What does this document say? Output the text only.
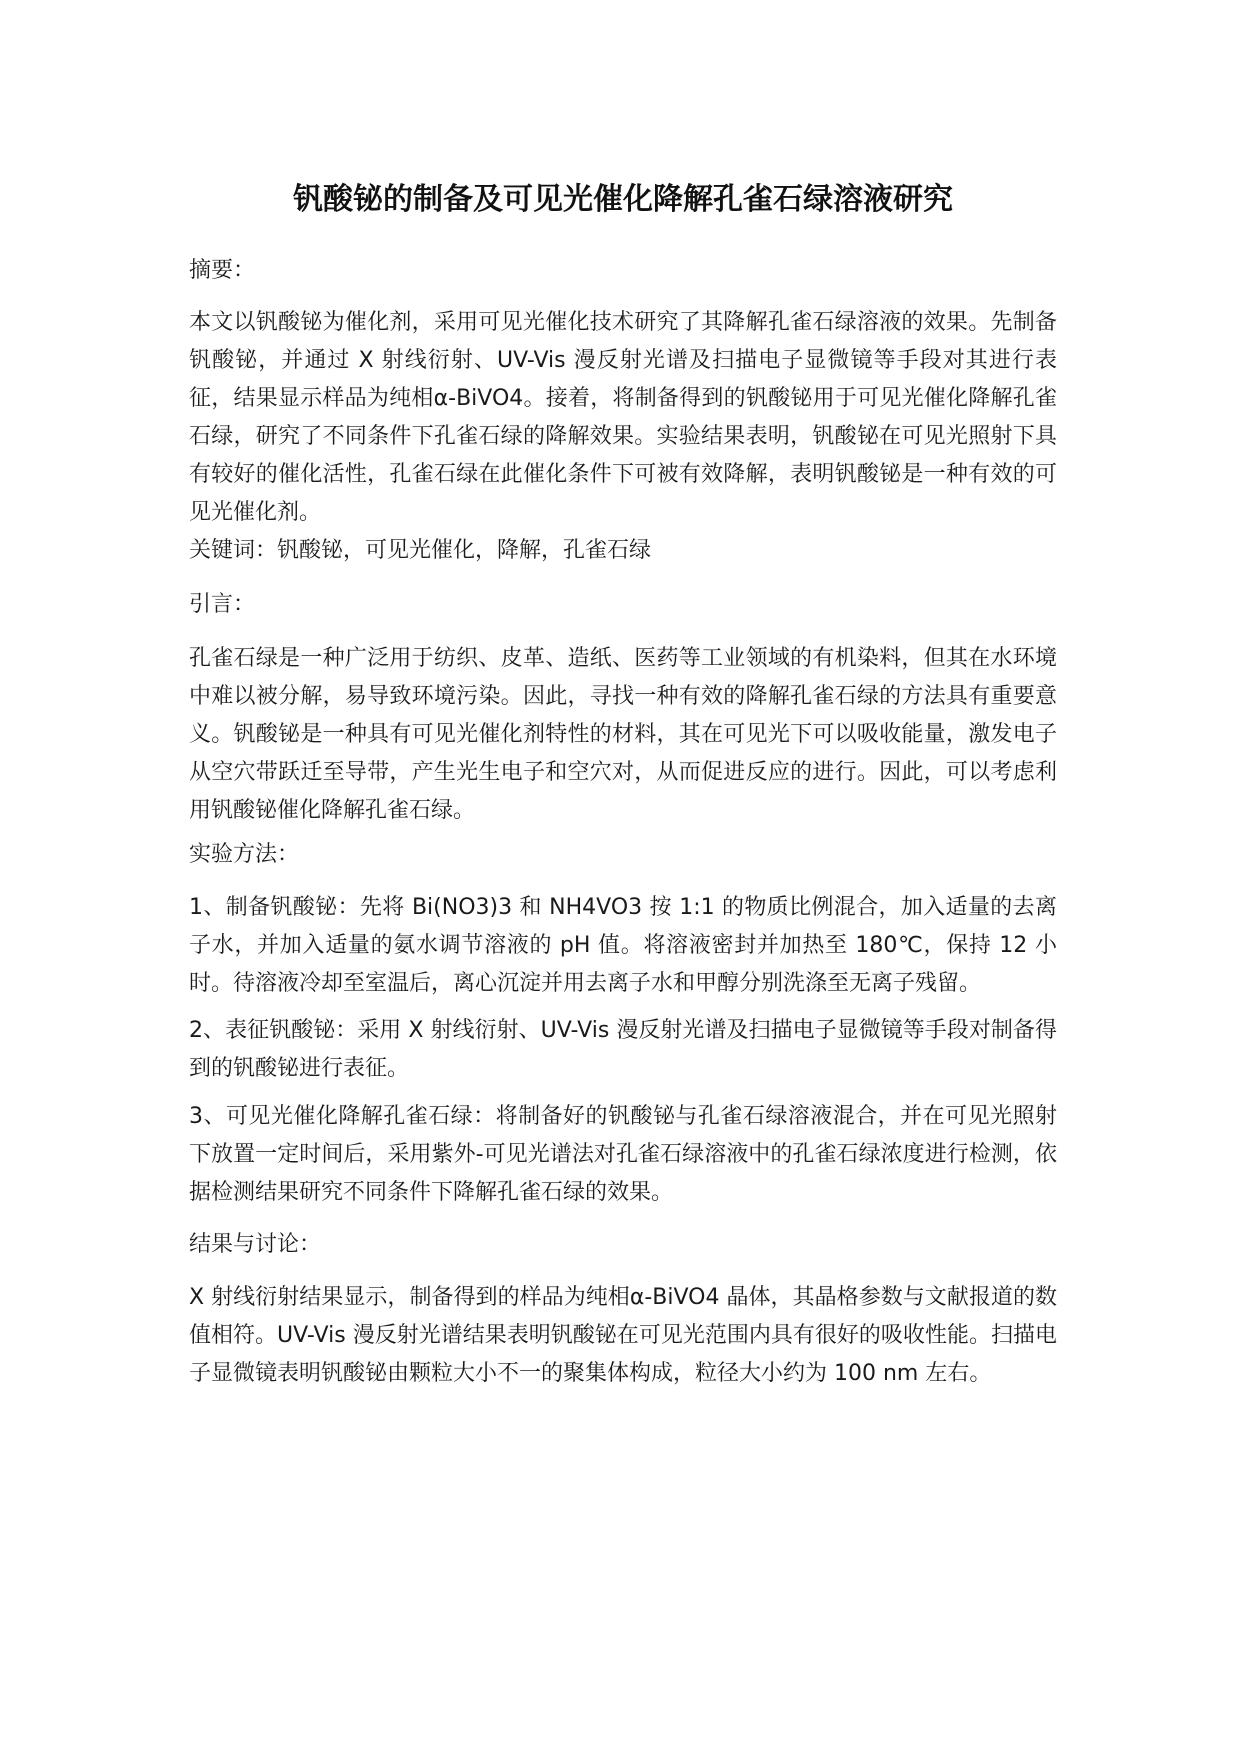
钒酸铋的制备及可见光催化降解孔雀石绿溶液研究

摘要：

本文以钒酸铋为催化剂，采用可见光催化技术研究了其降解孔雀石绿溶液的效果。先制备钒酸铋，并通过 X 射线衍射、UV-Vis 漫反射光谱及扫描电子显微镜等手段对其进行表征，结果显示样品为纯相α-BiVO4。接着，将制备得到的钒酸铋用于可见光催化降解孔雀石绿，研究了不同条件下孔雀石绿的降解效果。实验结果表明，钒酸铋在可见光照射下具有较好的催化活性，孔雀石绿在此催化条件下可被有效降解，表明钒酸铋是一种有效的可见光催化剂。

关键词：钒酸铋，可见光催化，降解，孔雀石绿

引言：

孔雀石绿是一种广泛用于纺织、皮革、造纸、医药等工业领域的有机染料，但其在水环境中难以被分解，易导致环境污染。因此，寻找一种有效的降解孔雀石绿的方法具有重要意义。钒酸铋是一种具有可见光催化剂特性的材料，其在可见光下可以吸收能量，激发电子从空穴带跃迁至导带，产生光生电子和空穴对，从而促进反应的进行。因此，可以考虑利用钒酸铋催化降解孔雀石绿。

实验方法：

1、制备钒酸铋：先将 Bi(NO3)3 和 NH4VO3 按 1:1 的物质比例混合，加入适量的去离子水，并加入适量的氨水调节溶液的 pH 值。将溶液密封并加热至 180℃，保持 12 小时。待溶液冷却至室温后，离心沉淀并用去离子水和甲醇分别洗涤至无离子残留。

2、表征钒酸铋：采用 X 射线衍射、UV-Vis 漫反射光谱及扫描电子显微镜等手段对制备得到的钒酸铋进行表征。

3、可见光催化降解孔雀石绿：将制备好的钒酸铋与孔雀石绿溶液混合，并在可见光照射下放置一定时间后，采用紫外-可见光谱法对孔雀石绿溶液中的孔雀石绿浓度进行检测，依据检测结果研究不同条件下降解孔雀石绿的效果。

结果与讨论：

X 射线衍射结果显示，制备得到的样品为纯相α-BiVO4 晶体，其晶格参数与文献报道的数值相符。UV-Vis 漫反射光谱结果表明钒酸铋在可见光范围内具有很好的吸收性能。扫描电子显微镜表明钒酸铋由颗粒大小不一的聚集体构成，粒径大小约为 100 nm 左右。
